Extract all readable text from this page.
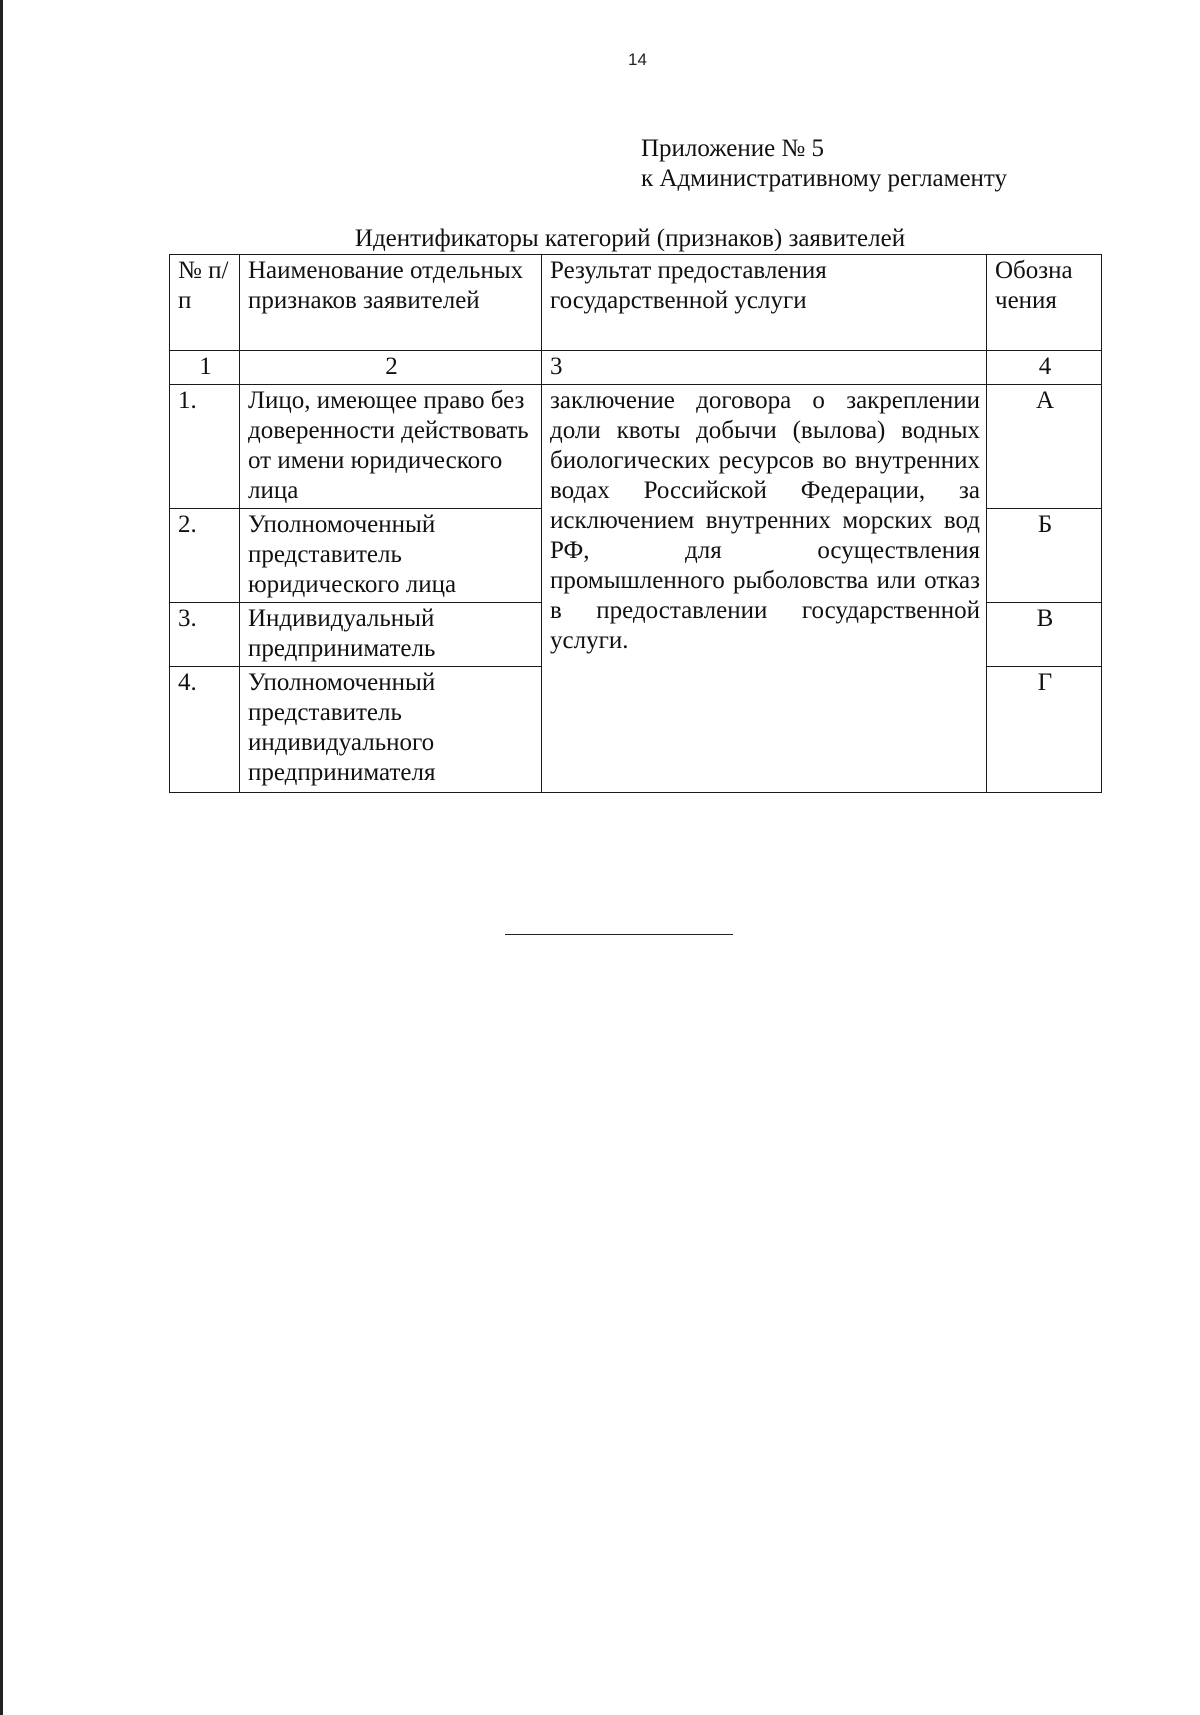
14
Приложение № 5
к Административному регламенту
Идентификаторы категорий (признаков) заявителей
№ п/п	Наименование отдельных признаков заявителей	Результат предоставления государственной услуги	Обозна чения
1	2	3	4
1.	Лицо, имеющее право без доверенности действовать от имени юридического лица	заключение договора о закреплении доли квоты добычи (вылова) водных биологических ресурсов во внутренних водах Российской Федерации, за исключением внутренних морских вод РФ, для осуществления промышленного рыболовства или отказ в предоставлении государственной услуги.	А
2.	Уполномоченный представитель юридического лица		Б
3.	Индивидуальный предприниматель		В
4.	Уполномоченный представитель индивидуального предпринимателя		Г
